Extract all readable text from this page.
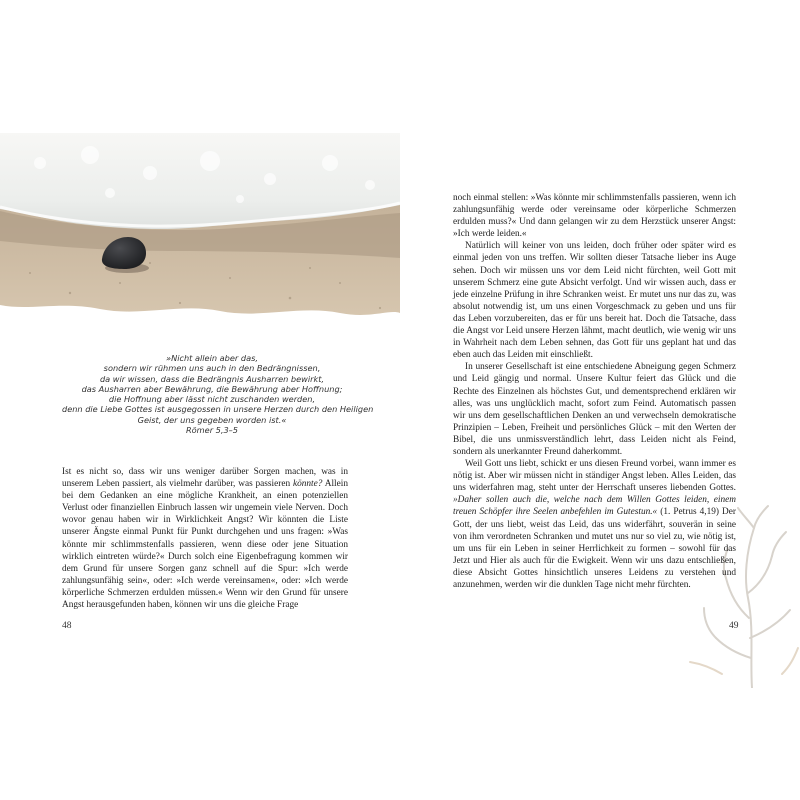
Die Angst vor Leid
»Nicht allein aber das,
sondern wir rühmen uns auch in den Bedrängnissen,
da wir wissen, dass die Bedrängnis Ausharren bewirkt,
das Ausharren aber Bewährung, die Bewährung aber Hoffnung;
die Hoffnung aber lässt nicht zuschanden werden,
denn die Liebe Gottes ist ausgegossen in unsere Herzen durch den Heiligen
Geist, der uns gegeben worden ist.«
Römer 5,3–5

Ist es nicht so, dass wir uns weniger darüber Sorgen machen, was in unserem Leben passiert, als vielmehr darüber, was passieren könnte? Allein bei dem Gedanken an eine mögliche Krankheit, an einen potenziellen Verlust oder finanziellen Einbruch lassen wir ungemein viele Nerven. Doch wovor genau haben wir in Wirklichkeit Angst? Wir könnten die Liste unserer Ängste einmal Punkt für Punkt durchgehen und uns fragen: »Was könnte mir schlimmstenfalls passieren, wenn diese oder jene Situation wirklich eintreten würde?« Durch solch eine Eigenbefragung kommen wir dem Grund für unsere Sorgen ganz schnell auf die Spur: »Ich werde zahlungsunfähig sein«, oder: »Ich werde vereinsamen«, oder: »Ich werde körperliche Schmerzen erdulden müssen.« Wenn wir den Grund für unsere Angst herausgefunden haben, können wir uns die gleiche Frage

48

noch einmal stellen: »Was könnte mir schlimmstenfalls passieren, wenn ich zahlungsunfähig werde oder vereinsame oder körperliche Schmerzen erdulden muss?« Und dann gelangen wir zu dem Herzstück unserer Angst: »Ich werde leiden.«

Natürlich will keiner von uns leiden, doch früher oder später wird es einmal jeden von uns treffen. Wir sollten dieser Tatsache lieber ins Auge sehen. Doch wir müssen uns vor dem Leid nicht fürchten, weil Gott mit unserem Schmerz eine gute Absicht verfolgt. Und wir wissen auch, dass er jede einzelne Prüfung in ihre Schranken weist. Er mutet uns nur das zu, was absolut notwendig ist, um uns einen Vorgeschmack zu geben und uns für das Leben vorzubereiten, das er für uns bereit hat. Doch die Tatsache, dass die Angst vor Leid unsere Herzen lähmt, macht deutlich, wie wenig wir uns in Wahrheit nach dem Leben sehnen, das Gott für uns geplant hat und das eben auch das Leiden mit einschließt.

In unserer Gesellschaft ist eine entschiedene Abneigung gegen Schmerz und Leid gängig und normal. Unsere Kultur feiert das Glück und die Rechte des Einzelnen als höchstes Gut, und dementsprechend erklären wir alles, was uns unglücklich macht, sofort zum Feind. Automatisch passen wir uns dem gesellschaftlichen Denken an und verwechseln demokratische Prinzipien – Leben, Freiheit und persönliches Glück – mit den Werten der Bibel, die uns unmissverständlich lehrt, dass Leiden nicht als Feind, sondern als unerkannter Freund daherkommt.

Weil Gott uns liebt, schickt er uns diesen Freund vorbei, wann immer es nötig ist. Aber wir müssen nicht in ständiger Angst leben. Alles Leiden, das uns widerfahren mag, steht unter der Herrschaft unseres liebenden Gottes. »Daher sollen auch die, welche nach dem Willen Gottes leiden, einem treuen Schöpfer ihre Seelen anbefehlen im Gutestun.« (1. Petrus 4,19) Der Gott, der uns liebt, weist das Leid, das uns widerfährt, souverän in seine von ihm verordneten Schranken und mutet uns nur so viel zu, wie nötig ist, um uns für ein Leben in seiner Herrlichkeit zu formen – sowohl für das Jetzt und Hier als auch für die Ewigkeit. Wenn wir uns dazu entschließen, diese Absicht Gottes hinsichtlich unseres Leidens zu verstehen und anzunehmen, werden wir die dunklen Tage nicht mehr fürchten.

49
